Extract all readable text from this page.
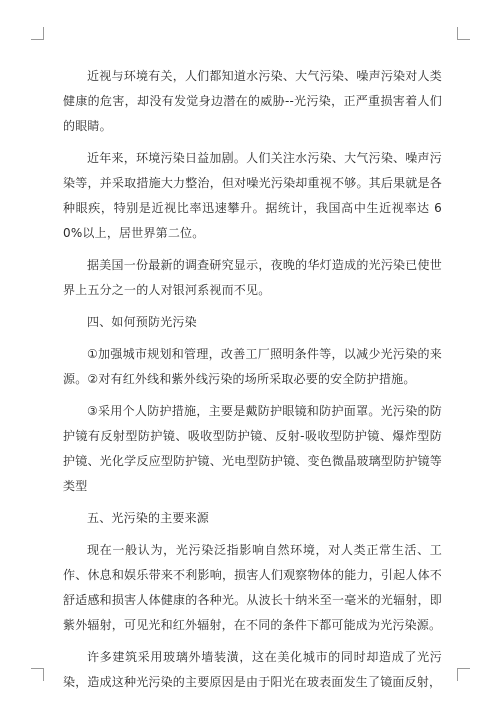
近视与环境有关，人们都知道水污染、大气污染、噪声污染对人类健康的危害，却没有发觉身边潜在的威胁--光污染，正严重损害着人们的眼睛。

近年来，环境污染日益加剧。人们关注水污染、大气污染、噪声污染等，并采取措施大力整治，但对噪光污染却重视不够。其后果就是各种眼疾，特别是近视比率迅速攀升。据统计，我国高中生近视率达 60%以上，居世界第二位。

据美国一份最新的调查研究显示，夜晚的华灯造成的光污染已使世界上五分之一的人对银河系视而不见。

四、如何预防光污染

①加强城市规划和管理，改善工厂照明条件等，以减少光污染的来源。②对有红外线和紫外线污染的场所采取必要的安全防护措施。

③采用个人防护措施，主要是戴防护眼镜和防护面罩。光污染的防护镜有反射型防护镜、吸收型防护镜、反射-吸收型防护镜、爆炸型防护镜、光化学反应型防护镜、光电型防护镜、变色微晶玻璃型防护镜等类型

五、光污染的主要来源

现在一般认为，光污染泛指影响自然环境，对人类正常生活、工作、休息和娱乐带来不利影响，损害人们观察物体的能力，引起人体不舒适感和损害人体健康的各种光。从波长十纳米至一毫米的光辐射，即紫外辐射，可见光和红外辐射，在不同的条件下都可能成为光污染源。

许多建筑采用玻璃外墙装潢，这在美化城市的同时却造成了光污染，造成这种光污染的主要原因是由于阳光在玻表面发生了镜面反射，
